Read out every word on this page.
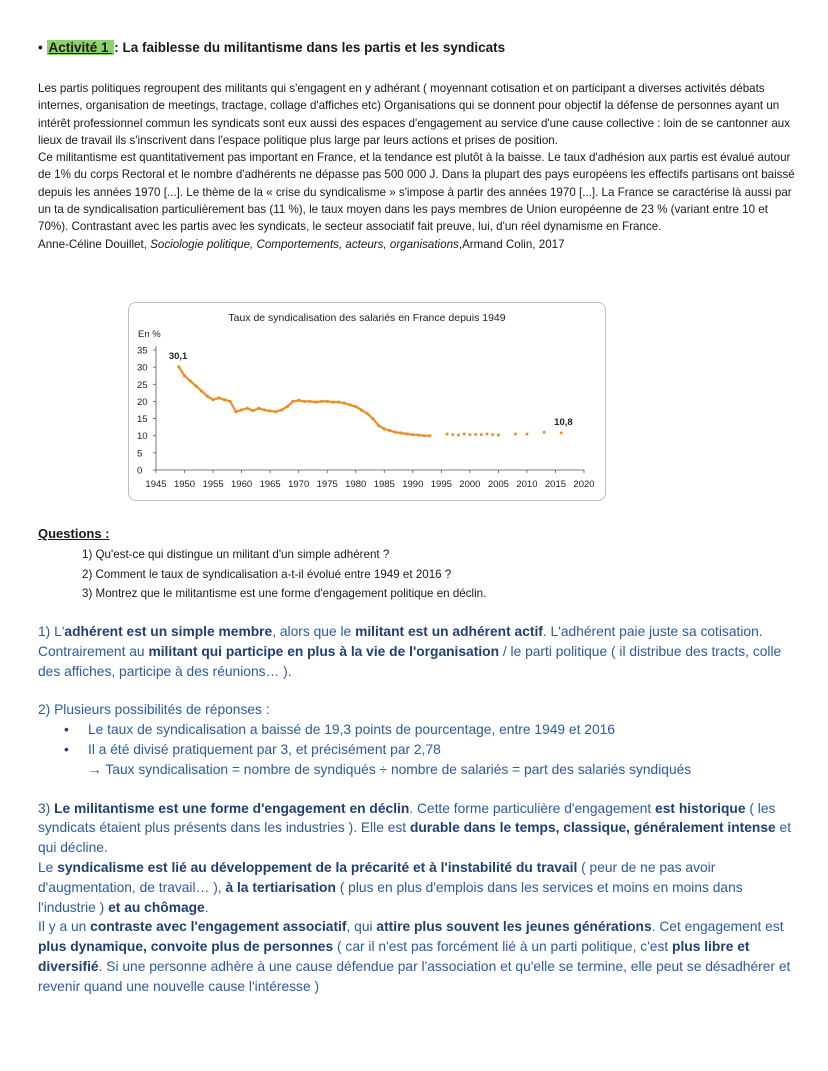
• Activité 1 : La faiblesse du militantisme dans les partis et les syndicats

Les partis politiques regroupent des militants qui s'engagent en y adhérant ( moyennant cotisation et on participant a diverses activités débats internes, organisation de meetings, tractage, collage d'affiches etc) Organisations qui se donnent pour objectif la défense de personnes ayant un intérêt professionnel commun les syndicats sont eux aussi des espaces d'engagement au service d'une cause collective : loin de se cantonner aux lieux de travail ils s'inscrivent dans l'espace politique plus large par leurs actions et prises de position.

Ce militantisme est quantitativement pas important en France, et la tendance est plutôt à la baisse. Le taux d'adhésion aux partis est évalué autour de 1% du corps Rectoral et le nombre d'adhérents ne dépasse pas 500 000 J. Dans la plupart des pays européens les effectifs partisans ont baissé depuis les années 1970 [...]. Le thème de la « crise du syndicalisme » s'impose à partir des années 1970 [...]. La France se caractérise là aussi par un ta de syndicalisation particulièrement bas (11 %), le taux moyen dans les pays membres de Union européenne de 23 % (variant entre 10 et 70%). Contrastant avec les partis avec les syndicats, le secteur associatif fait preuve, lui, d'un réel dynamisme en France.

Anne-Céline Douillet, Sociologie politique, Comportements, acteurs, organisations,Armand Colin, 2017

Taux de syndicalisation des salariés en France depuis 1949
En %
0
5
10
15
20
25
30
35
1945 1950 1955 1960 1965 1970 1975 1980 1985 1990 1995 2000 2005 2010 2015 2020
30,1
10,8

Questions :

1) Qu'est-ce qui distingue un militant d'un simple adhérent ?
2) Comment le taux de syndicalisation a-t-il évolué entre 1949 et 2016 ?
3) Montrez que le militantisme est une forme d'engagement politique en déclin.

1) L'adhérent est un simple membre, alors que le militant est un adhérent actif. L'adhérent paie juste sa cotisation. Contrairement au militant qui participe en plus à la vie de l'organisation / le parti politique ( il distribue des tracts, colle des affiches, participe à des réunions… ).

2) Plusieurs possibilités de réponses :

• Le taux de syndicalisation a baissé de 19,3 points de pourcentage, entre 1949 et 2016
• Il a été divisé pratiquement par 3, et précisément par 2,78

→ Taux syndicalisation = nombre de syndiqués ÷ nombre de salariés = part des salariés syndiqués

3) Le militantisme est une forme d'engagement en déclin. Cette forme particulière d'engagement est historique ( les syndicats étaient plus présents dans les industries ). Elle est durable dans le temps, classique, généralement intense et qui décline.

Le syndicalisme est lié au développement de la précarité et à l'instabilité du travail ( peur de ne pas avoir d'augmentation, de travail… ), à la tertiarisation ( plus en plus d'emplois dans les services et moins en moins dans l'industrie ) et au chômage.

Il y a un contraste avec l'engagement associatif, qui attire plus souvent les jeunes générations. Cet engagement est plus dynamique, convoite plus de personnes ( car il n'est pas forcément lié à un parti politique, c'est plus libre et diversifié. Si une personne adhère à une cause défendue par l'association et qu'elle se termine, elle peut se désadhérer et revenir quand une nouvelle cause l'intéresse )
